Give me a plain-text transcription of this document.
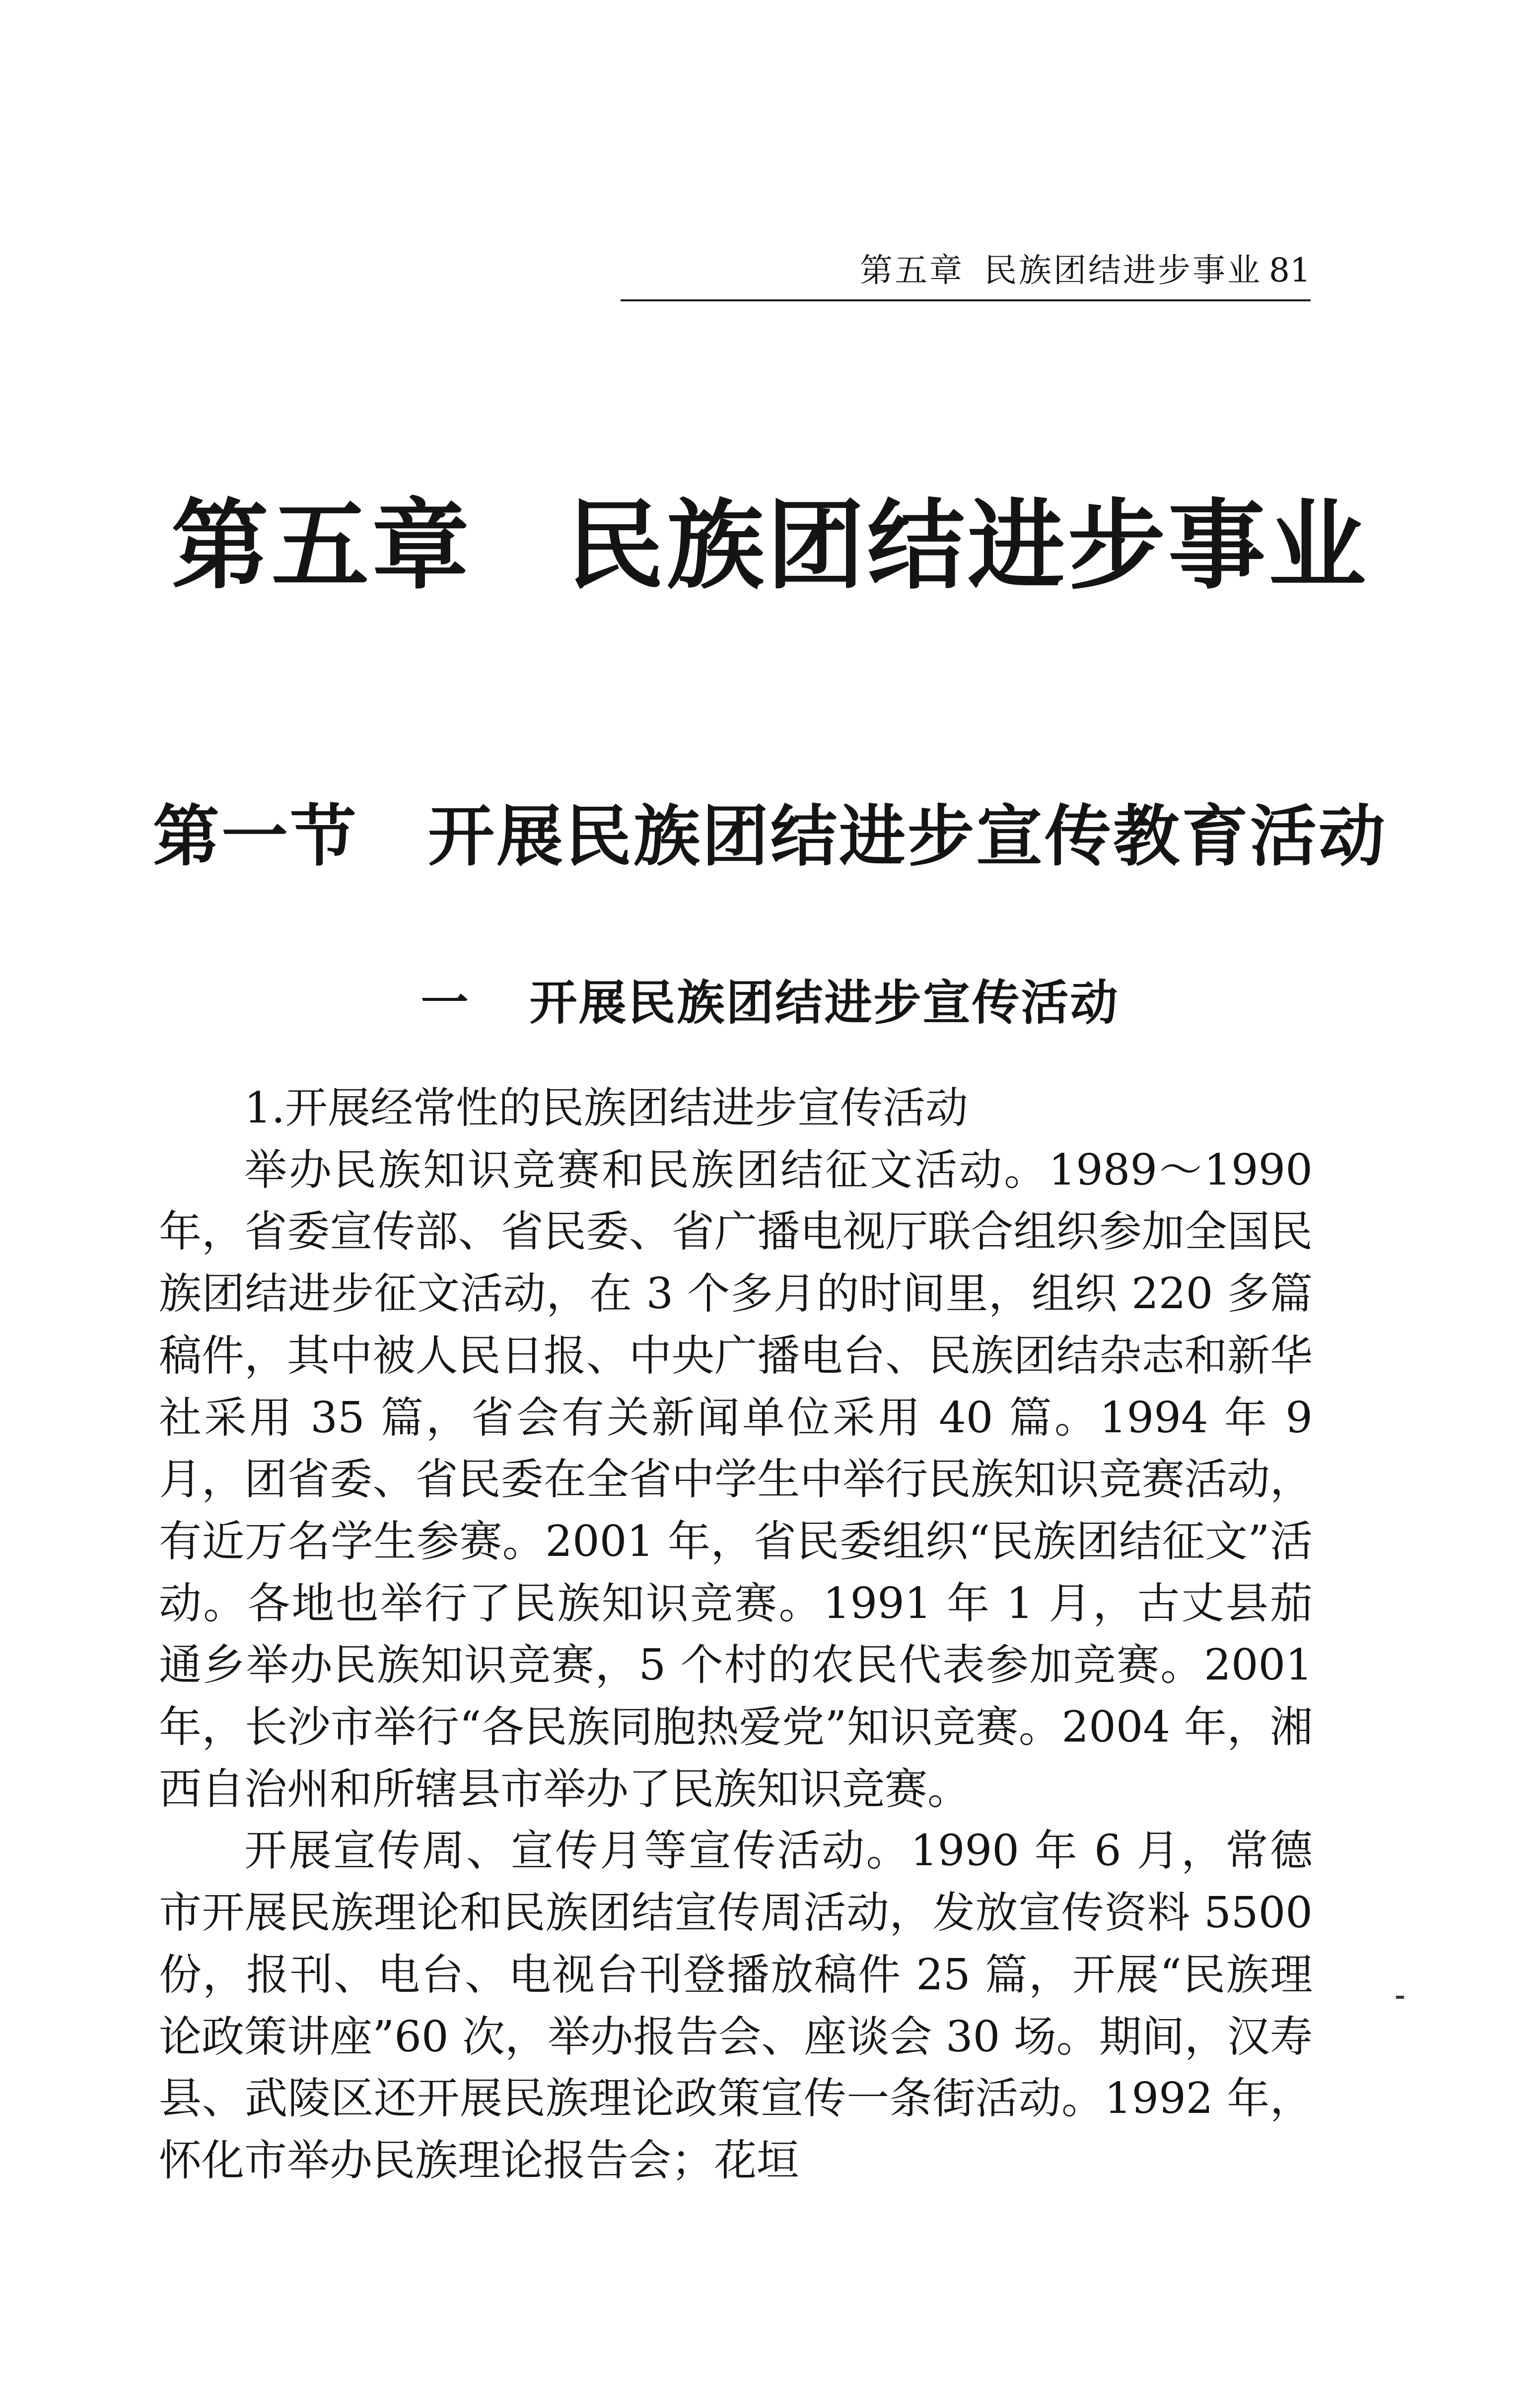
第五章 民族团结进步事业 81
第五章 民族团结进步事业
第一节 开展民族团结进步宣传教育活动
一 开展民族团结进步宣传活动

1.开展经常性的民族团结进步宣传活动

举办民族知识竞赛和民族团结征文活动。1989～1990 年，省委宣传部、省民委、省广播电视厅联合组织参加全国民族团结进步征文活动，在 3 个多月的时间里，组织 220 多篇稿件，其中被人民日报、中央广播电台、民族团结杂志和新华社采用 35 篇，省会有关新闻单位采用 40 篇。1994 年 9 月，团省委、省民委在全省中学生中举行民族知识竞赛活动，有近万名学生参赛。2001 年，省民委组织“民族团结征文”活动。各地也举行了民族知识竞赛。1991 年 1 月，古丈县茄通乡举办民族知识竞赛，5 个村的农民代表参加竞赛。2001 年，长沙市举行“各民族同胞热爱党”知识竞赛。2004 年，湘西自治州和所辖县市举办了民族知识竞赛。

开展宣传周、宣传月等宣传活动。1990 年 6 月，常德市开展民族理论和民族团结宣传周活动，发放宣传资料 5500 份，报刊、电台、电视台刊登播放稿件 25 篇，开展“民族理论政策讲座”60 次，举办报告会、座谈会 30 场。期间，汉寿县、武陵区还开展民族理论政策宣传一条街活动。1992 年，怀化市举办民族理论报告会；花垣
